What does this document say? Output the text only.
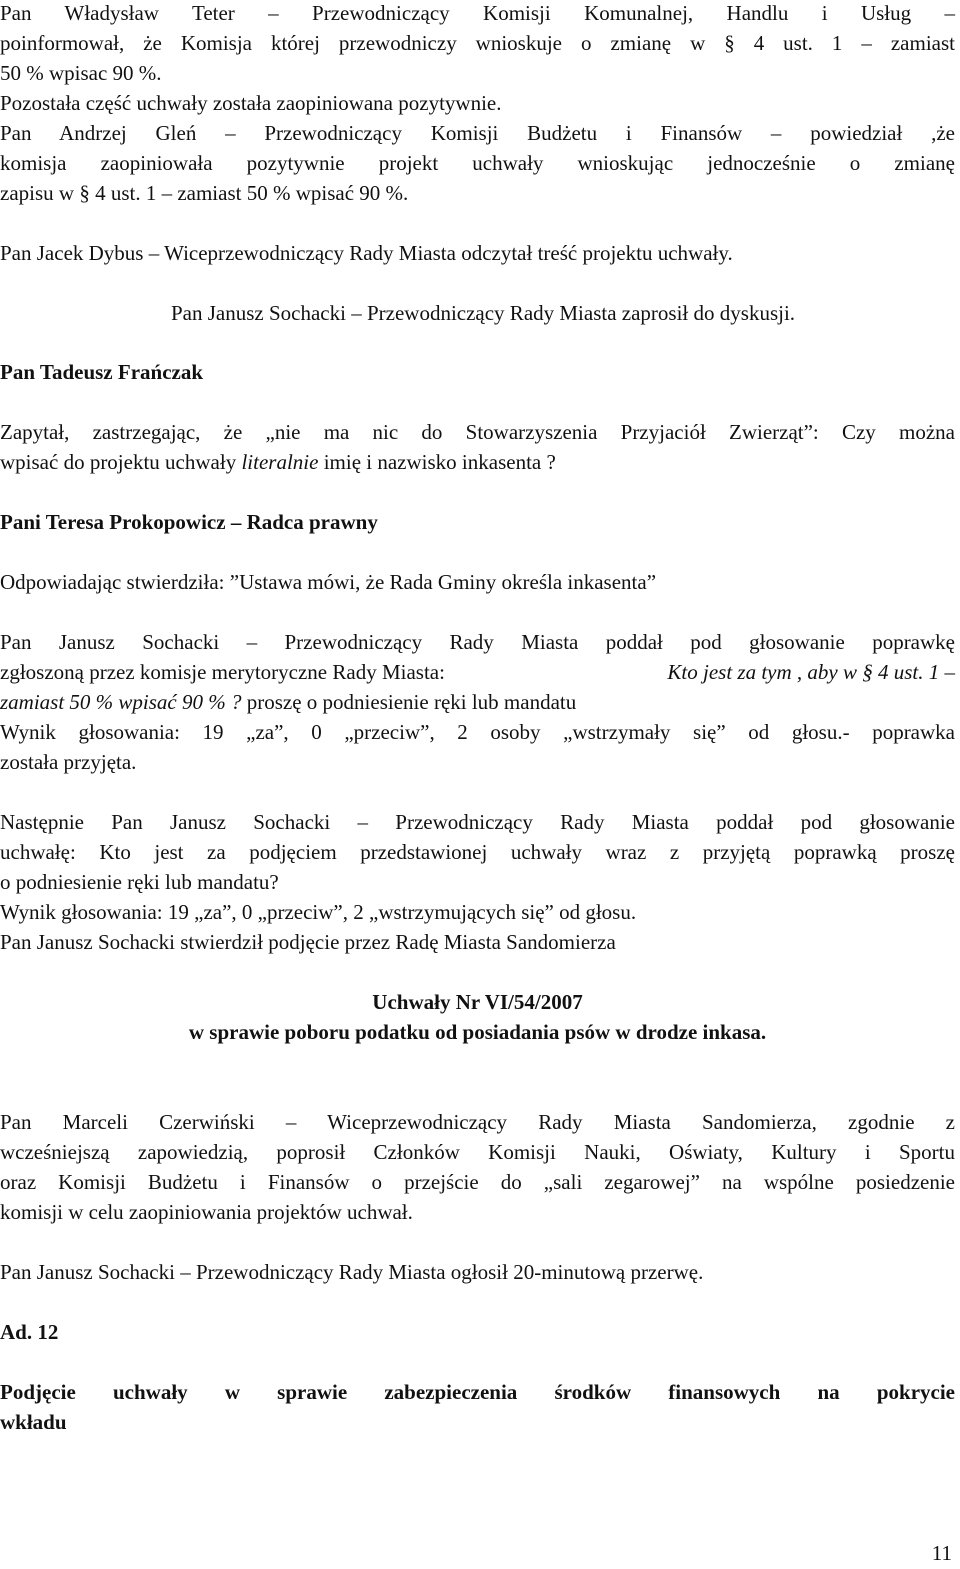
Pan Władysław Teter – Przewodniczący Komisji Komunalnej, Handlu i Usług –
poinformował, że Komisja której przewodniczy wnioskuje o zmianę w § 4 ust. 1 – zamiast
50 % wpisac 90 %.
Pozostała część uchwały została zaopiniowana pozytywnie.
Pan Andrzej Gleń – Przewodniczący Komisji Budżetu i Finansów – powiedział ,że
komisja zaopiniowała pozytywnie projekt uchwały wnioskując jednocześnie o zmianę
zapisu w § 4 ust. 1 – zamiast 50 % wpisać 90 %.
Pan Jacek Dybus – Wiceprzewodniczący Rady Miasta odczytał treść projektu uchwały.
Pan Janusz Sochacki – Przewodniczący Rady Miasta zaprosił do dyskusji.
Pan Tadeusz Frańczak
Zapytał, zastrzegając, że „nie ma nic do Stowarzyszenia Przyjaciół Zwierząt”: Czy można
wpisać do projektu uchwały literalnie imię i nazwisko inkasenta ?
Pani Teresa Prokopowicz – Radca prawny
Odpowiadając stwierdziła: ”Ustawa mówi, że Rada Gminy określa inkasenta”
Pan Janusz Sochacki – Przewodniczący Rady Miasta poddał pod głosowanie poprawkę
zgłoszoną przez komisje merytoryczne Rady Miasta:	Kto jest za tym , aby w § 4 ust. 1 –
zamiast 50 % wpisać 90 % ? proszę o podniesienie ręki lub mandatu
Wynik głosowania: 19 „za”, 0 „przeciw”, 2 osoby „wstrzymały się” od głosu.- poprawka
została przyjęta.
Następnie Pan Janusz Sochacki – Przewodniczący Rady Miasta poddał pod głosowanie
uchwałę: Kto jest za podjęciem przedstawionej uchwały wraz z przyjętą poprawką proszę
o podniesienie ręki lub mandatu?
Wynik głosowania: 19 „za”, 0 „przeciw”, 2 „wstrzymujących się” od głosu.
Pan Janusz Sochacki stwierdził podjęcie przez Radę Miasta Sandomierza
Uchwały Nr VI/54/2007
w sprawie poboru podatku od posiadania psów w drodze inkasa.
Pan Marceli Czerwiński – Wiceprzewodniczący Rady Miasta Sandomierza, zgodnie z
wcześniejszą zapowiedzią, poprosił Członków Komisji Nauki, Oświaty, Kultury i Sportu
oraz Komisji Budżetu i Finansów o przejście do „sali zegarowej” na wspólne posiedzenie
komisji w celu zaopiniowania projektów uchwał.
Pan Janusz Sochacki – Przewodniczący Rady Miasta ogłosił 20-minutową przerwę.
Ad. 12
Podjęcie uchwały w sprawie zabezpieczenia środków finansowych na pokrycie
wkładu
11
